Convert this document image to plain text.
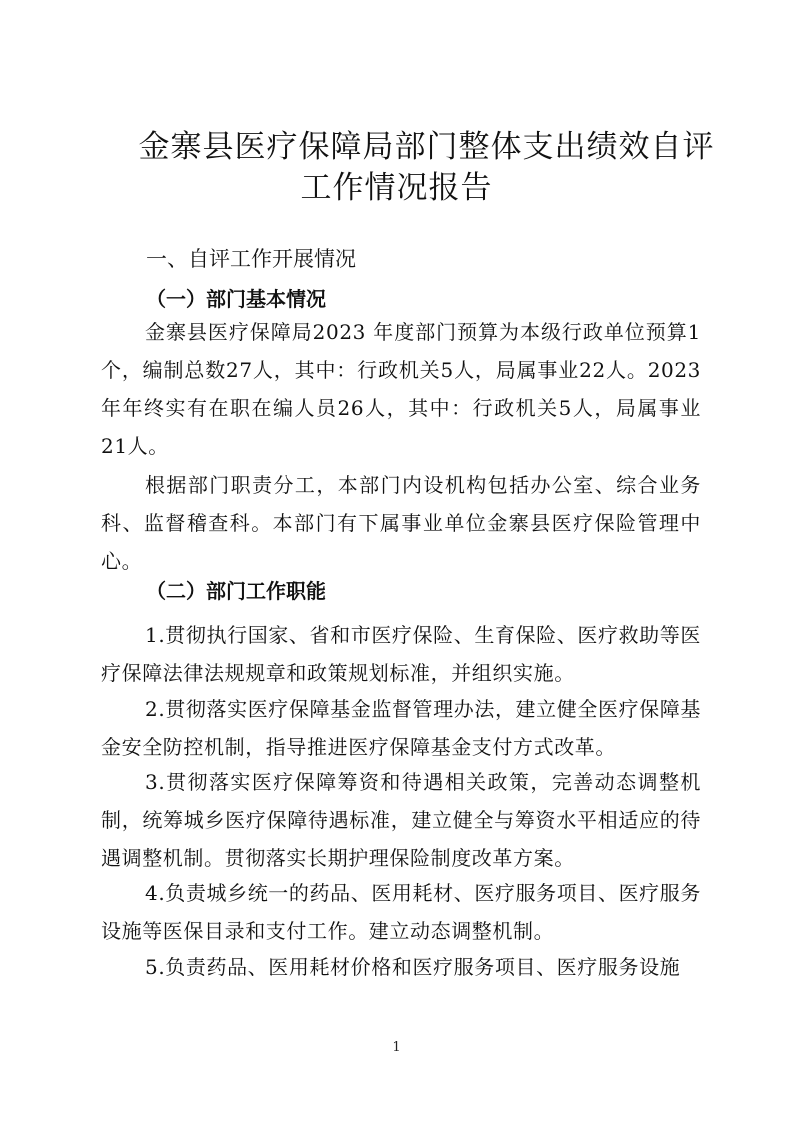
金寨县医疗保障局部门整体支出绩效自评
工作情况报告
一、自评工作开展情况
（一）部门基本情况
金寨县医疗保障局2023 年度部门预算为本级行政单位预算1个，编制总数27人，其中：行政机关5人，局属事业22人。2023年年终实有在职在编人员26人，其中：行政机关5人，局属事业21人。
根据部门职责分工，本部门内设机构包括办公室、综合业务科、监督稽查科。本部门有下属事业单位金寨县医疗保险管理中心。
（二）部门工作职能
1.贯彻执行国家、省和市医疗保险、生育保险、医疗救助等医疗保障法律法规规章和政策规划标准，并组织实施。
2.贯彻落实医疗保障基金监督管理办法，建立健全医疗保障基金安全防控机制，指导推进医疗保障基金支付方式改革。
3.贯彻落实医疗保障筹资和待遇相关政策，完善动态调整机制，统筹城乡医疗保障待遇标准，建立健全与筹资水平相适应的待遇调整机制。贯彻落实长期护理保险制度改革方案。
4.负责城乡统一的药品、医用耗材、医疗服务项目、医疗服务设施等医保目录和支付工作。建立动态调整机制。
5.负责药品、医用耗材价格和医疗服务项目、医疗服务设施
1
